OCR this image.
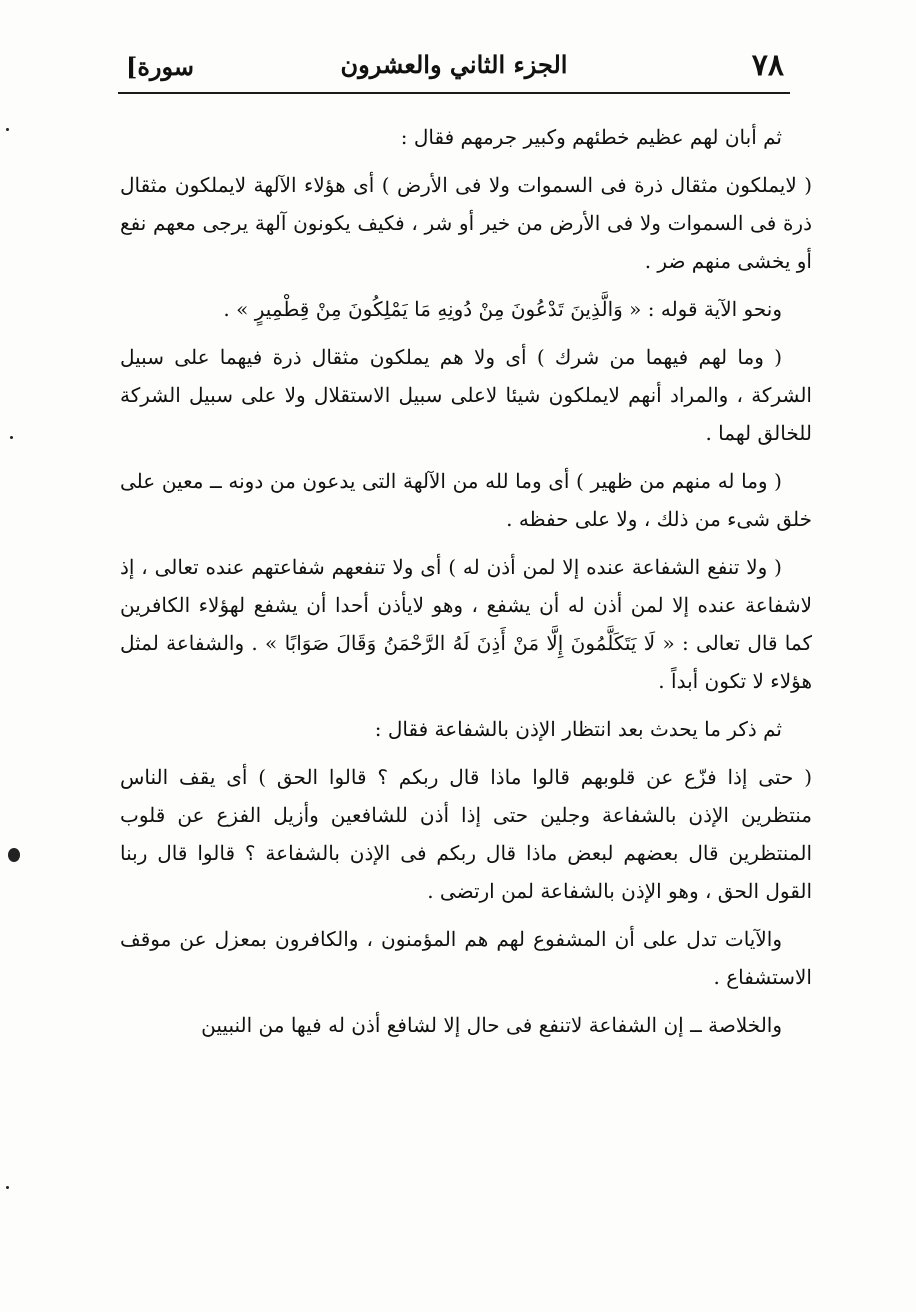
٧٨
الجزء الثاني والعشرون
[سورة

ثم أبان لهم عظيم خطئهم وكبير جرمهم فقال :

( لايملكون مثقال ذرة فى السموات ولا فى الأرض ) أى هؤلاء الآلهة لايملكون مثقال ذرة فى السموات ولا فى الأرض من خير أو شر ، فكيف يكونون آلهة يرجى معهم نفع أو يخشى منهم ضر .

ونحو الآية قوله : « وَالَّذِينَ تَدْعُونَ مِنْ دُونِهِ مَا يَمْلِكُونَ مِنْ قِطْمِيرٍ » .

( وما لهم فيهما من شرك ) أى ولا هم يملكون مثقال ذرة فيهما على سبيل الشركة ، والمراد أنهم لايملكون شيئا لاعلى سبيل الاستقلال ولا على سبيل الشركة للخالق لهما .

( وما له منهم من ظهير ) أى وما لله من الآلهة التى يدعون من دونه ــ معين على خلق شىء من ذلك ، ولا على حفظه .

( ولا تنفع الشفاعة عنده إلا لمن أذن له ) أى ولا تنفعهم شفاعتهم عنده تعالى ، إذ لاشفاعة عنده إلا لمن أذن له أن يشفع ، وهو لايأذن أحدا أن يشفع لهؤلاء الكافرين كما قال تعالى : « لَا يَتَكَلَّمُونَ إِلَّا مَنْ أَذِنَ لَهُ الرَّحْمَنُ وَقَالَ صَوَابًا » . والشفاعة لمثل هؤلاء لا تكون أبداً .

ثم ذكر ما يحدث بعد انتظار الإذن بالشفاعة فقال :

( حتى إذا فزّع عن قلوبهم قالوا ماذا قال ربكم ؟ قالوا الحق ) أى يقف الناس منتظرين الإذن بالشفاعة وجلين حتى إذا أذن للشافعين وأزيل الفزع عن قلوب المنتظرين قال بعضهم لبعض ماذا قال ربكم فى الإذن بالشفاعة ؟ قالوا قال ربنا القول الحق ، وهو الإذن بالشفاعة لمن ارتضى .

والآيات تدل على أن المشفوع لهم هم المؤمنون ، والكافرون بمعزل عن موقف الاستشفاع .

والخلاصة ــ إن الشفاعة لاتنفع فى حال إلا لشافع أذن له فيها من النبيين
